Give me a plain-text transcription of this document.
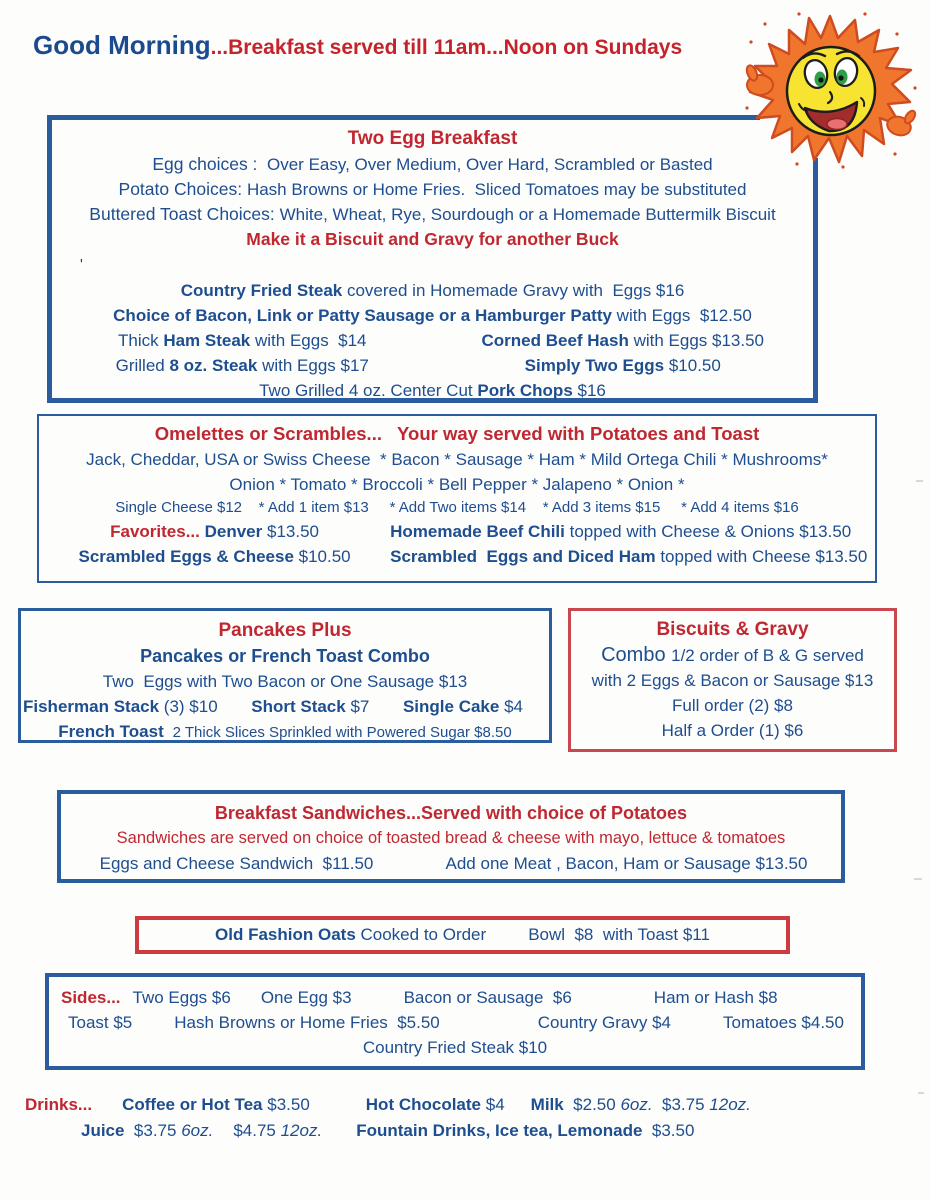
Good Morning...Breakfast served till 11am...Noon on Sundays
Two Egg Breakfast
Egg choices :  Over Easy, Over Medium, Over Hard, Scrambled or Basted
Potato Choices: Hash Browns or Home Fries.  Sliced Tomatoes may be substituted
Buttered Toast Choices: White, Wheat, Rye, Sourdough or a Homemade Buttermilk Biscuit
Make it a Biscuit and Gravy for another Buck
Country Fried Steak covered in Homemade Gravy with  Eggs $16
Choice of Bacon, Link or Patty Sausage or a Hamburger Patty with Eggs  $12.50
Thick Ham Steak with Eggs  $14	Corned Beef Hash with Eggs $13.50
Grilled 8 oz. Steak with Eggs $17	Simply Two Eggs $10.50
Two Grilled 4 oz. Center Cut Pork Chops $16
'
Omelettes or Scrambles...   Your way served with Potatoes and Toast
Jack, Cheddar, USA or Swiss Cheese  * Bacon * Sausage * Ham * Mild Ortega Chili * Mushrooms*
Onion * Tomato * Broccoli * Bell Pepper * Jalapeno * Onion *
Single Cheese $12    * Add 1 item $13     * Add Two items $14    * Add 3 items $15     * Add 4 items $16
Favorites... Denver $13.50	Homemade Beef Chili topped with Cheese & Onions $13.50
Scrambled Eggs & Cheese $10.50	Scrambled  Eggs and Diced Ham topped with Cheese $13.50
Pancakes Plus
Pancakes or French Toast Combo
Two  Eggs with Two Bacon or One Sausage $13
Fisherman Stack (3) $10 Short Stack $7 Single Cake $4
French Toast  2 Thick Slices Sprinkled with Powered Sugar $8.50
Biscuits & Gravy
Combo 1/2 order of B & G served
with 2 Eggs & Bacon or Sausage $13
Full order (2) $8
Half a Order (1) $6
Breakfast Sandwiches...Served with choice of Potatoes
Sandwiches are served on choice of toasted bread & cheese with mayo, lettuce & tomatoes
Eggs and Cheese Sandwich  $11.50	Add one Meat , Bacon, Ham or Sausage $13.50
Old Fashion Oats Cooked to Order Bowl  $8  with Toast $11
Sides... Two Eggs $6 One Egg $3	Bacon or Sausage  $6	Ham or Hash $8
Toast $5 Hash Browns or Home Fries  $5.50	Country Gravy $4	Tomatoes $4.50
Country Fried Steak $10
Drinks... Coffee or Hot Tea $3.50	Hot Chocolate $4 Milk  $2.50 6oz.  $3.75 12oz.
Juice  $3.75 6oz. $4.75 12oz. Fountain Drinks, Ice tea, Lemonade  $3.50
